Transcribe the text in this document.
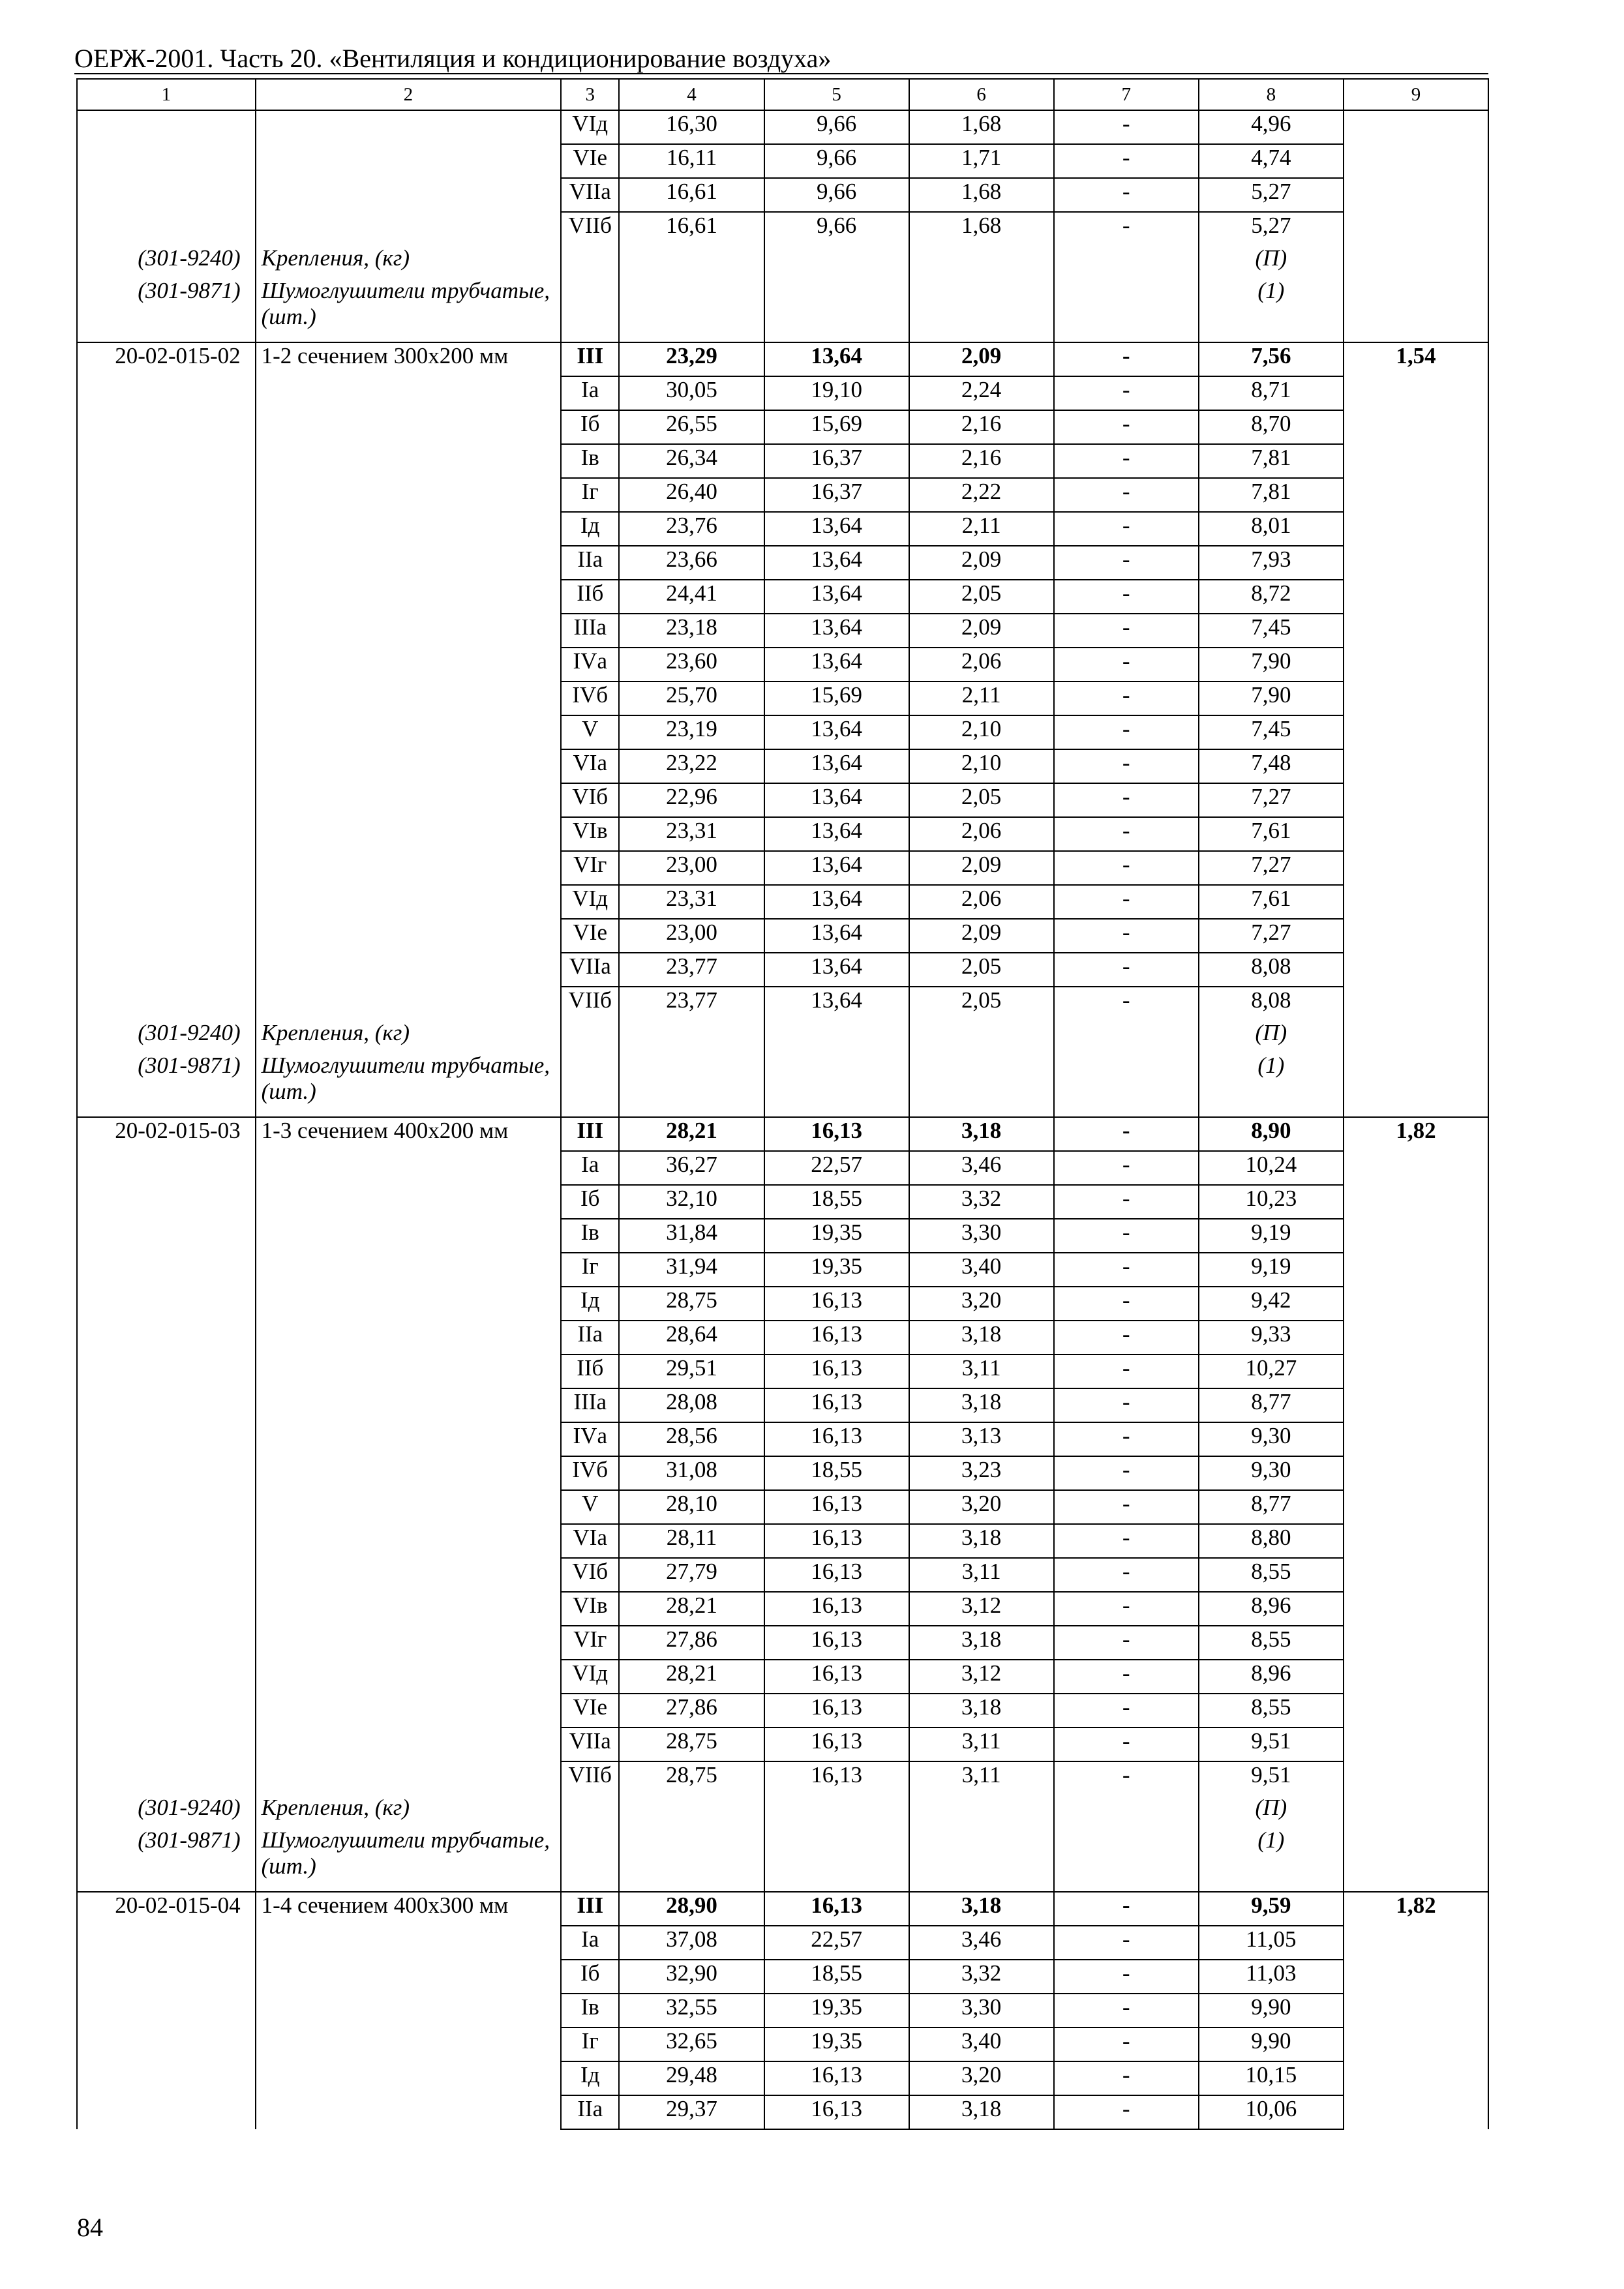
ОЕРЖ-2001. Часть 20. «Вентиляция и кондиционирование воздуха»
1	2	3	4	5	6	7	8	9
		VIд	16,30	9,66	1,68	-	4,96	
		VIе	16,11	9,66	1,71	-	4,74	
		VIIа	16,61	9,66	1,68	-	5,27	
		VIIб	16,61	9,66	1,68	-	5,27	
(301-9240)	Крепления, (кг)						(П)	
(301-9871)	Шумоглушители трубчатые, (шт.)						(1)	
20-02-015-02	1-2 сечением 300х200 мм	III	23,29	13,64	2,09	-	7,56	1,54
		Iа	30,05	19,10	2,24	-	8,71	
		Iб	26,55	15,69	2,16	-	8,70	
		Iв	26,34	16,37	2,16	-	7,81	
		Iг	26,40	16,37	2,22	-	7,81	
		Iд	23,76	13,64	2,11	-	8,01	
		IIа	23,66	13,64	2,09	-	7,93	
		IIб	24,41	13,64	2,05	-	8,72	
		IIIа	23,18	13,64	2,09	-	7,45	
		IVа	23,60	13,64	2,06	-	7,90	
		IVб	25,70	15,69	2,11	-	7,90	
		V	23,19	13,64	2,10	-	7,45	
		VIа	23,22	13,64	2,10	-	7,48	
		VIб	22,96	13,64	2,05	-	7,27	
		VIв	23,31	13,64	2,06	-	7,61	
		VIг	23,00	13,64	2,09	-	7,27	
		VIд	23,31	13,64	2,06	-	7,61	
		VIе	23,00	13,64	2,09	-	7,27	
		VIIа	23,77	13,64	2,05	-	8,08	
		VIIб	23,77	13,64	2,05	-	8,08	
(301-9240)	Крепления, (кг)						(П)	
(301-9871)	Шумоглушители трубчатые, (шт.)						(1)	
20-02-015-03	1-3 сечением 400х200 мм	III	28,21	16,13	3,18	-	8,90	1,82
		Iа	36,27	22,57	3,46	-	10,24	
		Iб	32,10	18,55	3,32	-	10,23	
		Iв	31,84	19,35	3,30	-	9,19	
		Iг	31,94	19,35	3,40	-	9,19	
		Iд	28,75	16,13	3,20	-	9,42	
		IIа	28,64	16,13	3,18	-	9,33	
		IIб	29,51	16,13	3,11	-	10,27	
		IIIа	28,08	16,13	3,18	-	8,77	
		IVа	28,56	16,13	3,13	-	9,30	
		IVб	31,08	18,55	3,23	-	9,30	
		V	28,10	16,13	3,20	-	8,77	
		VIа	28,11	16,13	3,18	-	8,80	
		VIб	27,79	16,13	3,11	-	8,55	
		VIв	28,21	16,13	3,12	-	8,96	
		VIг	27,86	16,13	3,18	-	8,55	
		VIд	28,21	16,13	3,12	-	8,96	
		VIе	27,86	16,13	3,18	-	8,55	
		VIIа	28,75	16,13	3,11	-	9,51	
		VIIб	28,75	16,13	3,11	-	9,51	
(301-9240)	Крепления, (кг)						(П)	
(301-9871)	Шумоглушители трубчатые, (шт.)						(1)	
20-02-015-04	1-4 сечением 400х300 мм	III	28,90	16,13	3,18	-	9,59	1,82
		Iа	37,08	22,57	3,46	-	11,05	
		Iб	32,90	18,55	3,32	-	11,03	
		Iв	32,55	19,35	3,30	-	9,90	
		Iг	32,65	19,35	3,40	-	9,90	
		Iд	29,48	16,13	3,20	-	10,15	
		IIа	29,37	16,13	3,18	-	10,06	
84
